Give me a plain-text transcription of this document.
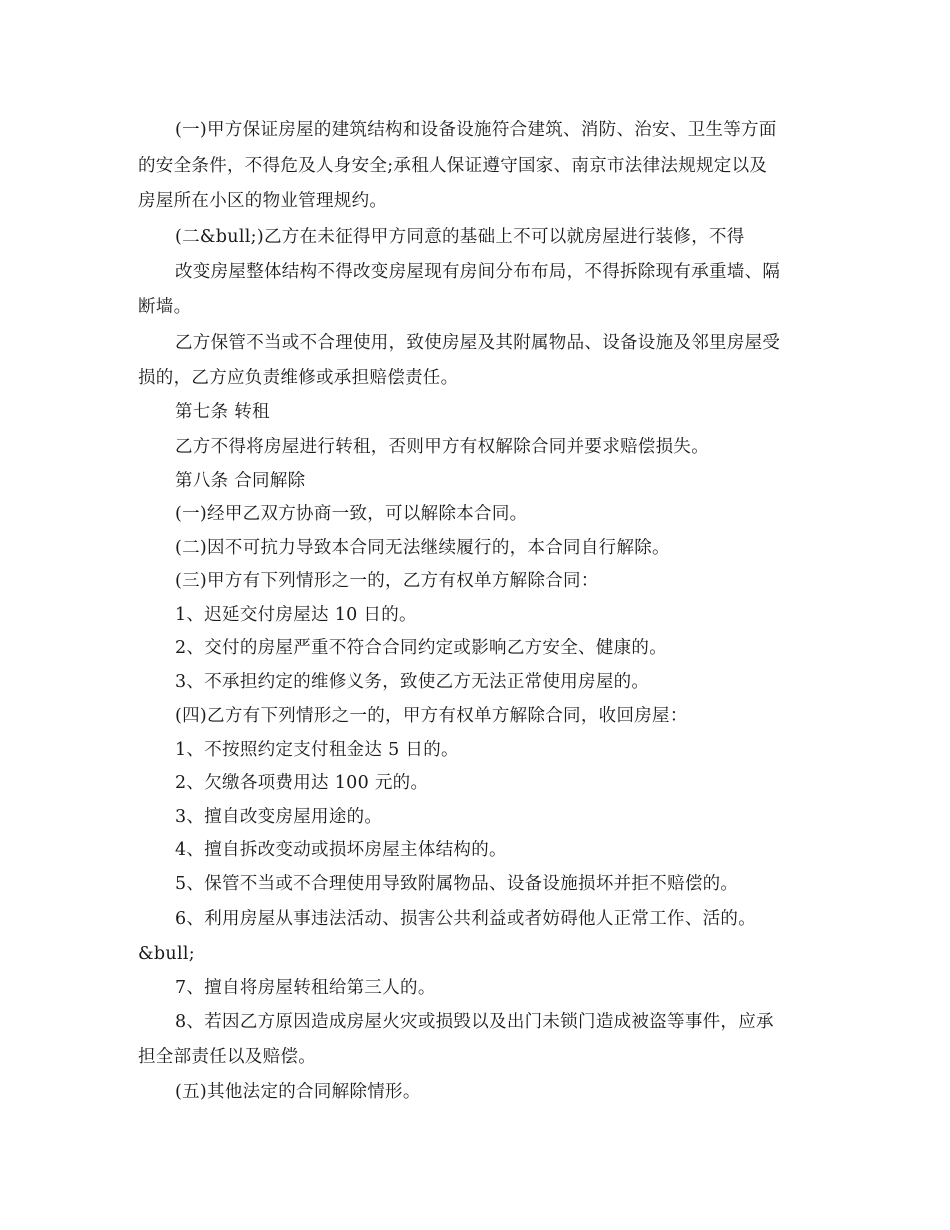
(一)甲方保证房屋的建筑结构和设备设施符合建筑、消防、治安、卫生等方面
的安全条件，不得危及人身安全;承租人保证遵守国家、南京市法律法规规定以及
房屋所在小区的物业管理规约。
(二&bull;)乙方在未征得甲方同意的基础上不可以就房屋进行装修，不得
改变房屋整体结构不得改变房屋现有房间分布布局，不得拆除现有承重墙、隔
断墙。
乙方保管不当或不合理使用，致使房屋及其附属物品、设备设施及邻里房屋受
损的，乙方应负责维修或承担赔偿责任。
第七条 转租
乙方不得将房屋进行转租，否则甲方有权解除合同并要求赔偿损失。
第八条 合同解除
(一)经甲乙双方协商一致，可以解除本合同。
(二)因不可抗力导致本合同无法继续履行的，本合同自行解除。
(三)甲方有下列情形之一的，乙方有权单方解除合同：
1、迟延交付房屋达 10 日的。
2、交付的房屋严重不符合合同约定或影响乙方安全、健康的。
3、不承担约定的维修义务，致使乙方无法正常使用房屋的。
(四)乙方有下列情形之一的，甲方有权单方解除合同，收回房屋：
1、不按照约定支付租金达 5 日的。
2、欠缴各项费用达 100 元的。
3、擅自改变房屋用途的。
4、擅自拆改变动或损坏房屋主体结构的。
5、保管不当或不合理使用导致附属物品、设备设施损坏并拒不赔偿的。
6、利用房屋从事违法活动、损害公共利益或者妨碍他人正常工作、活的。
&bull;
7、擅自将房屋转租给第三人的。
8、若因乙方原因造成房屋火灾或损毁以及出门未锁门造成被盗等事件，应承
担全部责任以及赔偿。
(五)其他法定的合同解除情形。
